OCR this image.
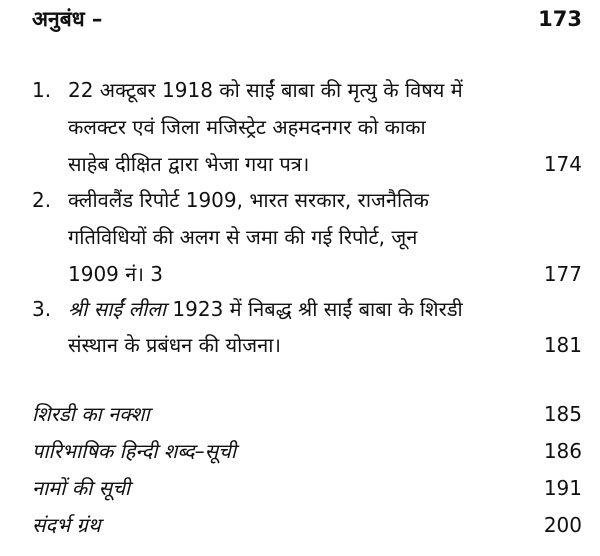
अनुबंध –	173
1. 22 अक्टूबर 1918 को साईं बाबा की मृत्यु के विषय में
कलक्टर एवं जिला मजिस्ट्रेट अहमदनगर को काका
साहेब दीक्षित द्वारा भेजा गया पत्र।	174
2. क्लीवलैंड रिपोर्ट 1909, भारत सरकार, राजनैतिक
गतिविधियों की अलग से जमा की गई रिपोर्ट, जून
1909 नं। 3	177
3. श्री साईं लीला 1923 में निबद्ध श्री साईं बाबा के शिरडी
संस्थान के प्रबंधन की योजना।	181
शिरडी का नक्शा	185
पारिभाषिक हिन्दी शब्द–सूची	186
नामों की सूची	191
संदर्भ ग्रंथ	200
